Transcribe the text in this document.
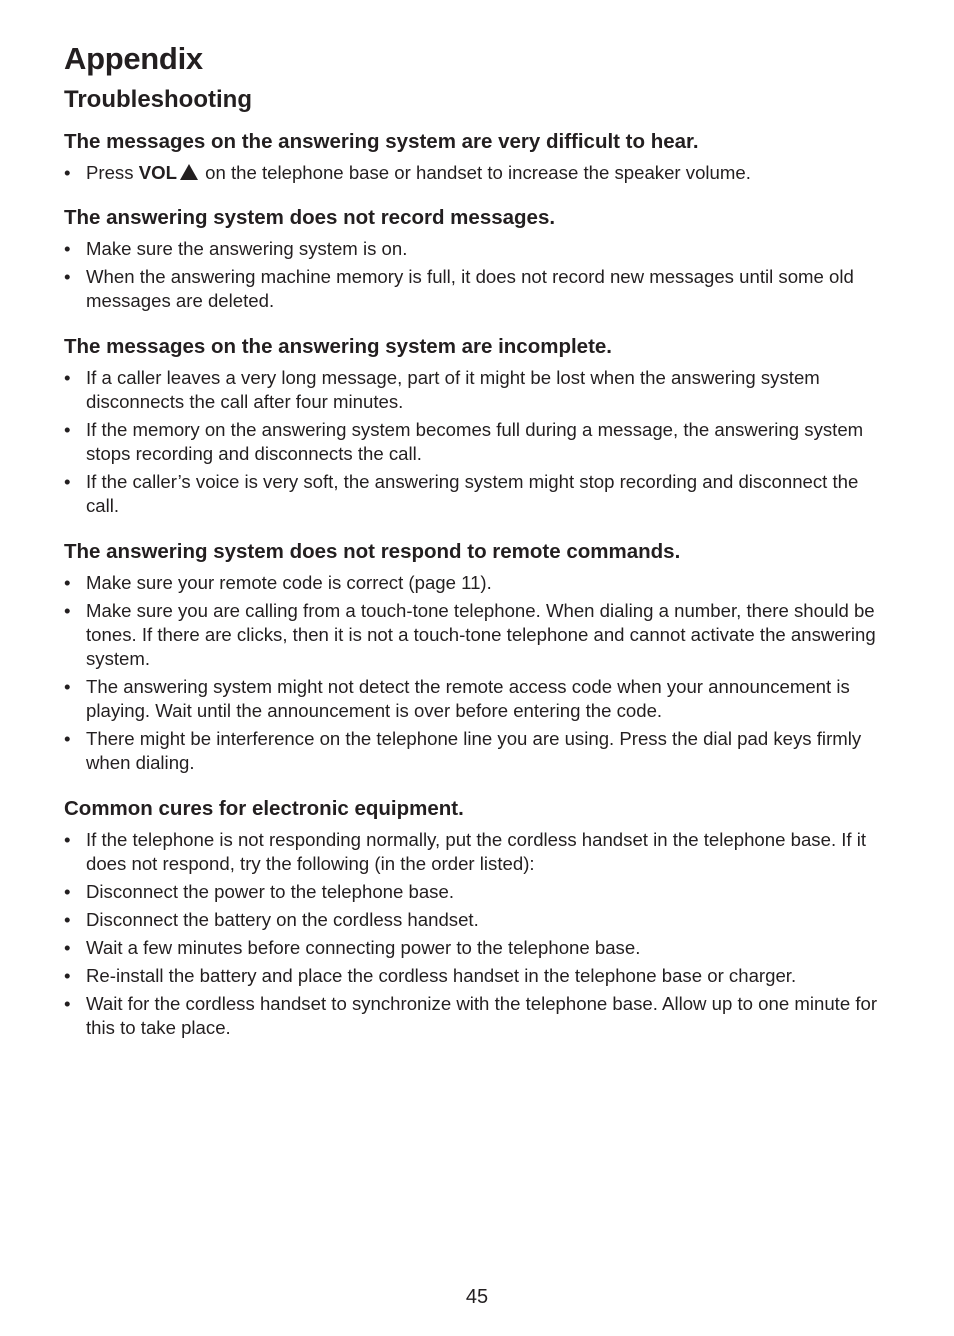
Appendix
Troubleshooting
The messages on the answering system are very difficult to hear.
• Press VOL on the telephone base or handset to increase the speaker volume.
The answering system does not record messages.
• Make sure the answering system is on.
• When the answering machine memory is full, it does not record new messages until some old messages are deleted.
The messages on the answering system are incomplete.
• If a caller leaves a very long message, part of it might be lost when the answering system disconnects the call after four minutes.
• If the memory on the answering system becomes full during a message, the answering system stops recording and disconnects the call.
• If the caller’s voice is very soft, the answering system might stop recording and disconnect the call.
The answering system does not respond to remote commands.
• Make sure your remote code is correct (page 11).
• Make sure you are calling from a touch-tone telephone. When dialing a number, there should be tones. If there are clicks, then it is not a touch-tone telephone and cannot activate the answering system.
• The answering system might not detect the remote access code when your announcement is playing. Wait until the announcement is over before entering the code.
• There might be interference on the telephone line you are using. Press the dial pad keys firmly when dialing.
Common cures for electronic equipment.
• If the telephone is not responding normally, put the cordless handset in the telephone base. If it does not respond, try the following (in the order listed):
• Disconnect the power to the telephone base.
• Disconnect the battery on the cordless handset.
• Wait a few minutes before connecting power to the telephone base.
• Re-install the battery and place the cordless handset in the telephone base or charger.
• Wait for the cordless handset to synchronize with the telephone base. Allow up to one minute for this to take place.
45
